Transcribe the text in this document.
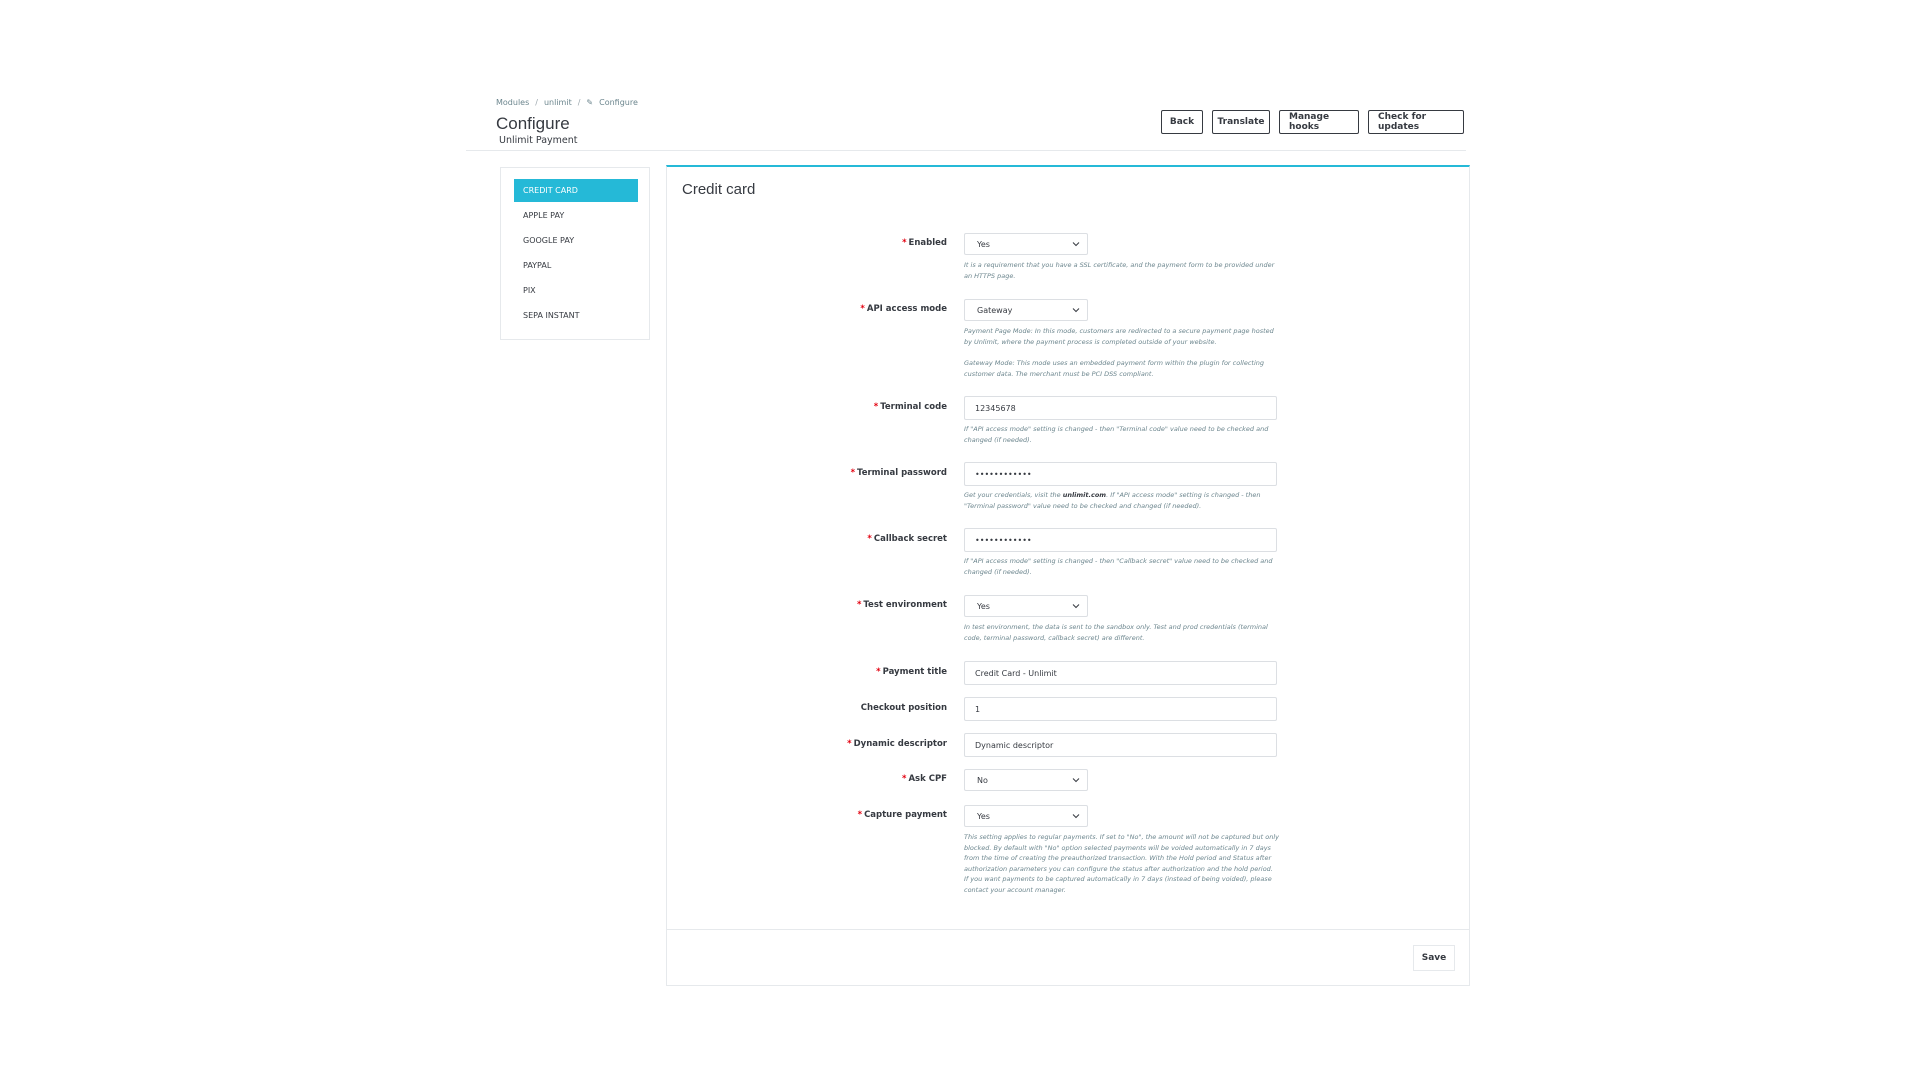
Modules / unlimit / ✎ Configure
Configure
Unlimit Payment
Back	Translate	Manage hooks
Check for updates
CREDIT CARD
APPLE PAY
GOOGLE PAY
PAYPAL
PIX
SEPA INSTANT
Credit card
* Enabled	Yes
It is a requirement that you have a SSL certificate, and the payment form to be provided under an HTTPS page.
* API access mode	Gateway
Payment Page Mode: In this mode, customers are redirected to a secure payment page hosted by Unlimit, where the payment process is completed outside of your website.
Gateway Mode: This mode uses an embedded payment form within the plugin for collecting customer data. The merchant must be PCI DSS compliant.
* Terminal code	12345678
If "API access mode" setting is changed - then "Terminal code" value need to be checked and changed (if needed).
* Terminal password	••••••••••••
Get your credentials, visit the unlimit.com. If "API access mode" setting is changed - then "Terminal password" value need to be checked and changed (if needed).
* Callback secret	••••••••••••
If "API access mode" setting is changed - then "Callback secret" value need to be checked and changed (if needed).
* Test environment	Yes
In test environment, the data is sent to the sandbox only. Test and prod credentials (terminal code, terminal password, callback secret) are different.
* Payment title	Credit Card - Unlimit
Checkout position	1
* Dynamic descriptor	Dynamic descriptor
* Ask CPF	No
* Capture payment	Yes
This setting applies to regular payments. If set to "No", the amount will not be captured but only blocked. By default with "No" option selected payments will be voided automatically in 7 days from the time of creating the preauthorized transaction. With the Hold period and Status after authorization parameters you can configure the status after authorization and the hold period. If you want payments to be captured automatically in 7 days (instead of being voided), please contact your account manager.
Save
